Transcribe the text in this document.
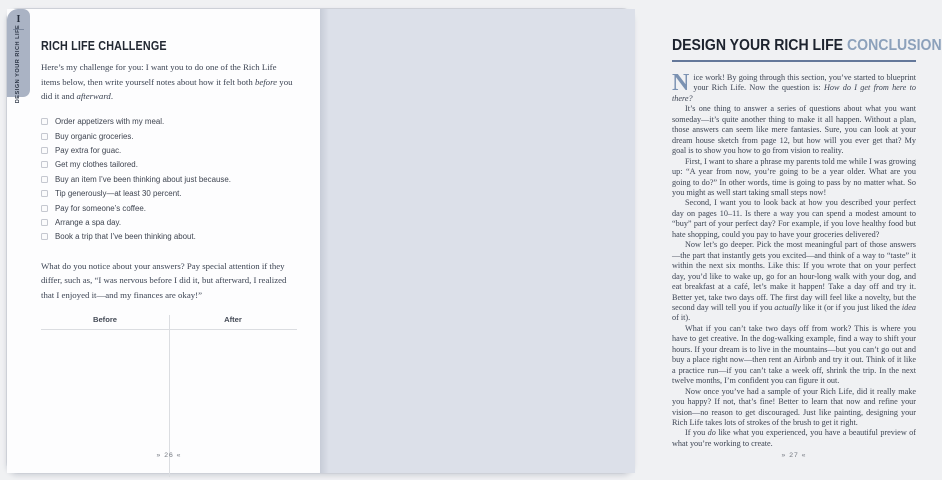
I
DESIGN YOUR RICH LIFE RICH LIFE CHALLENGE
Here’s my challenge for you: I want you to do one of the Rich Life items below, then write yourself notes about how it felt both before you did it and afterward.
Order appetizers with my meal.
Buy organic groceries.
Pay extra for guac.
Get my clothes tailored.
Buy an item I’ve been thinking about just because.
Tip generously—at least 30 percent.
Pay for someone’s coffee.
Arrange a spa day.
Book a trip that I’ve been thinking about.
What do you notice about your answers? Pay special attention if they differ, such as, “I was nervous before I did it, but afterward, I realized that I enjoyed it—and my finances are okay!”
Before	After
» 26 «
DESIGN YOUR RICH LIFE CONCLUSION

Nice work! By going through this section, you’ve started to blueprint your Rich Life. Now the question is: How do I get from here to there?

It’s one thing to answer a series of questions about what you want someday—it’s quite another thing to make it all happen. Without a plan, those answers can seem like mere fantasies. Sure, you can look at your dream house sketch from page 12, but how will you ever get that? My goal is to show you how to go from vision to reality.

First, I want to share a phrase my parents told me while I was growing up: “A year from now, you’re going to be a year older. What are you going to do?” In other words, time is going to pass by no matter what. So you might as well start taking small steps now!

Second, I want you to look back at how you described your perfect day on pages 10–11. Is there a way you can spend a modest amount to “buy” part of your perfect day? For example, if you love healthy food but hate shopping, could you pay to have your groceries delivered?

Now let’s go deeper. Pick the most meaningful part of those answers—the part that instantly gets you excited—and think of a way to “taste” it within the next six months. Like this: If you wrote that on your perfect day, you’d like to wake up, go for an hour-long walk with your dog, and eat breakfast at a café, let’s make it happen! Take a day off and try it. Better yet, take two days off. The first day will feel like a novelty, but the second day will tell you if you actually like it (or if you just liked the idea of it).

What if you can’t take two days off from work? This is where you have to get creative. In the dog-walking example, find a way to shift your hours. If your dream is to live in the mountains—but you can’t go out and buy a place right now—then rent an Airbnb and try it out. Think of it like a practice run—if you can’t take a week off, shrink the trip. In the next twelve months, I’m confident you can figure it out.

Now once you’ve had a sample of your Rich Life, did it really make you happy? If not, that’s fine! Better to learn that now and refine your vision—no reason to get discouraged. Just like painting, designing your Rich Life takes lots of strokes of the brush to get it right.

If you do like what you experienced, you have a beautiful preview of what you’re working to create.

» 27 «
